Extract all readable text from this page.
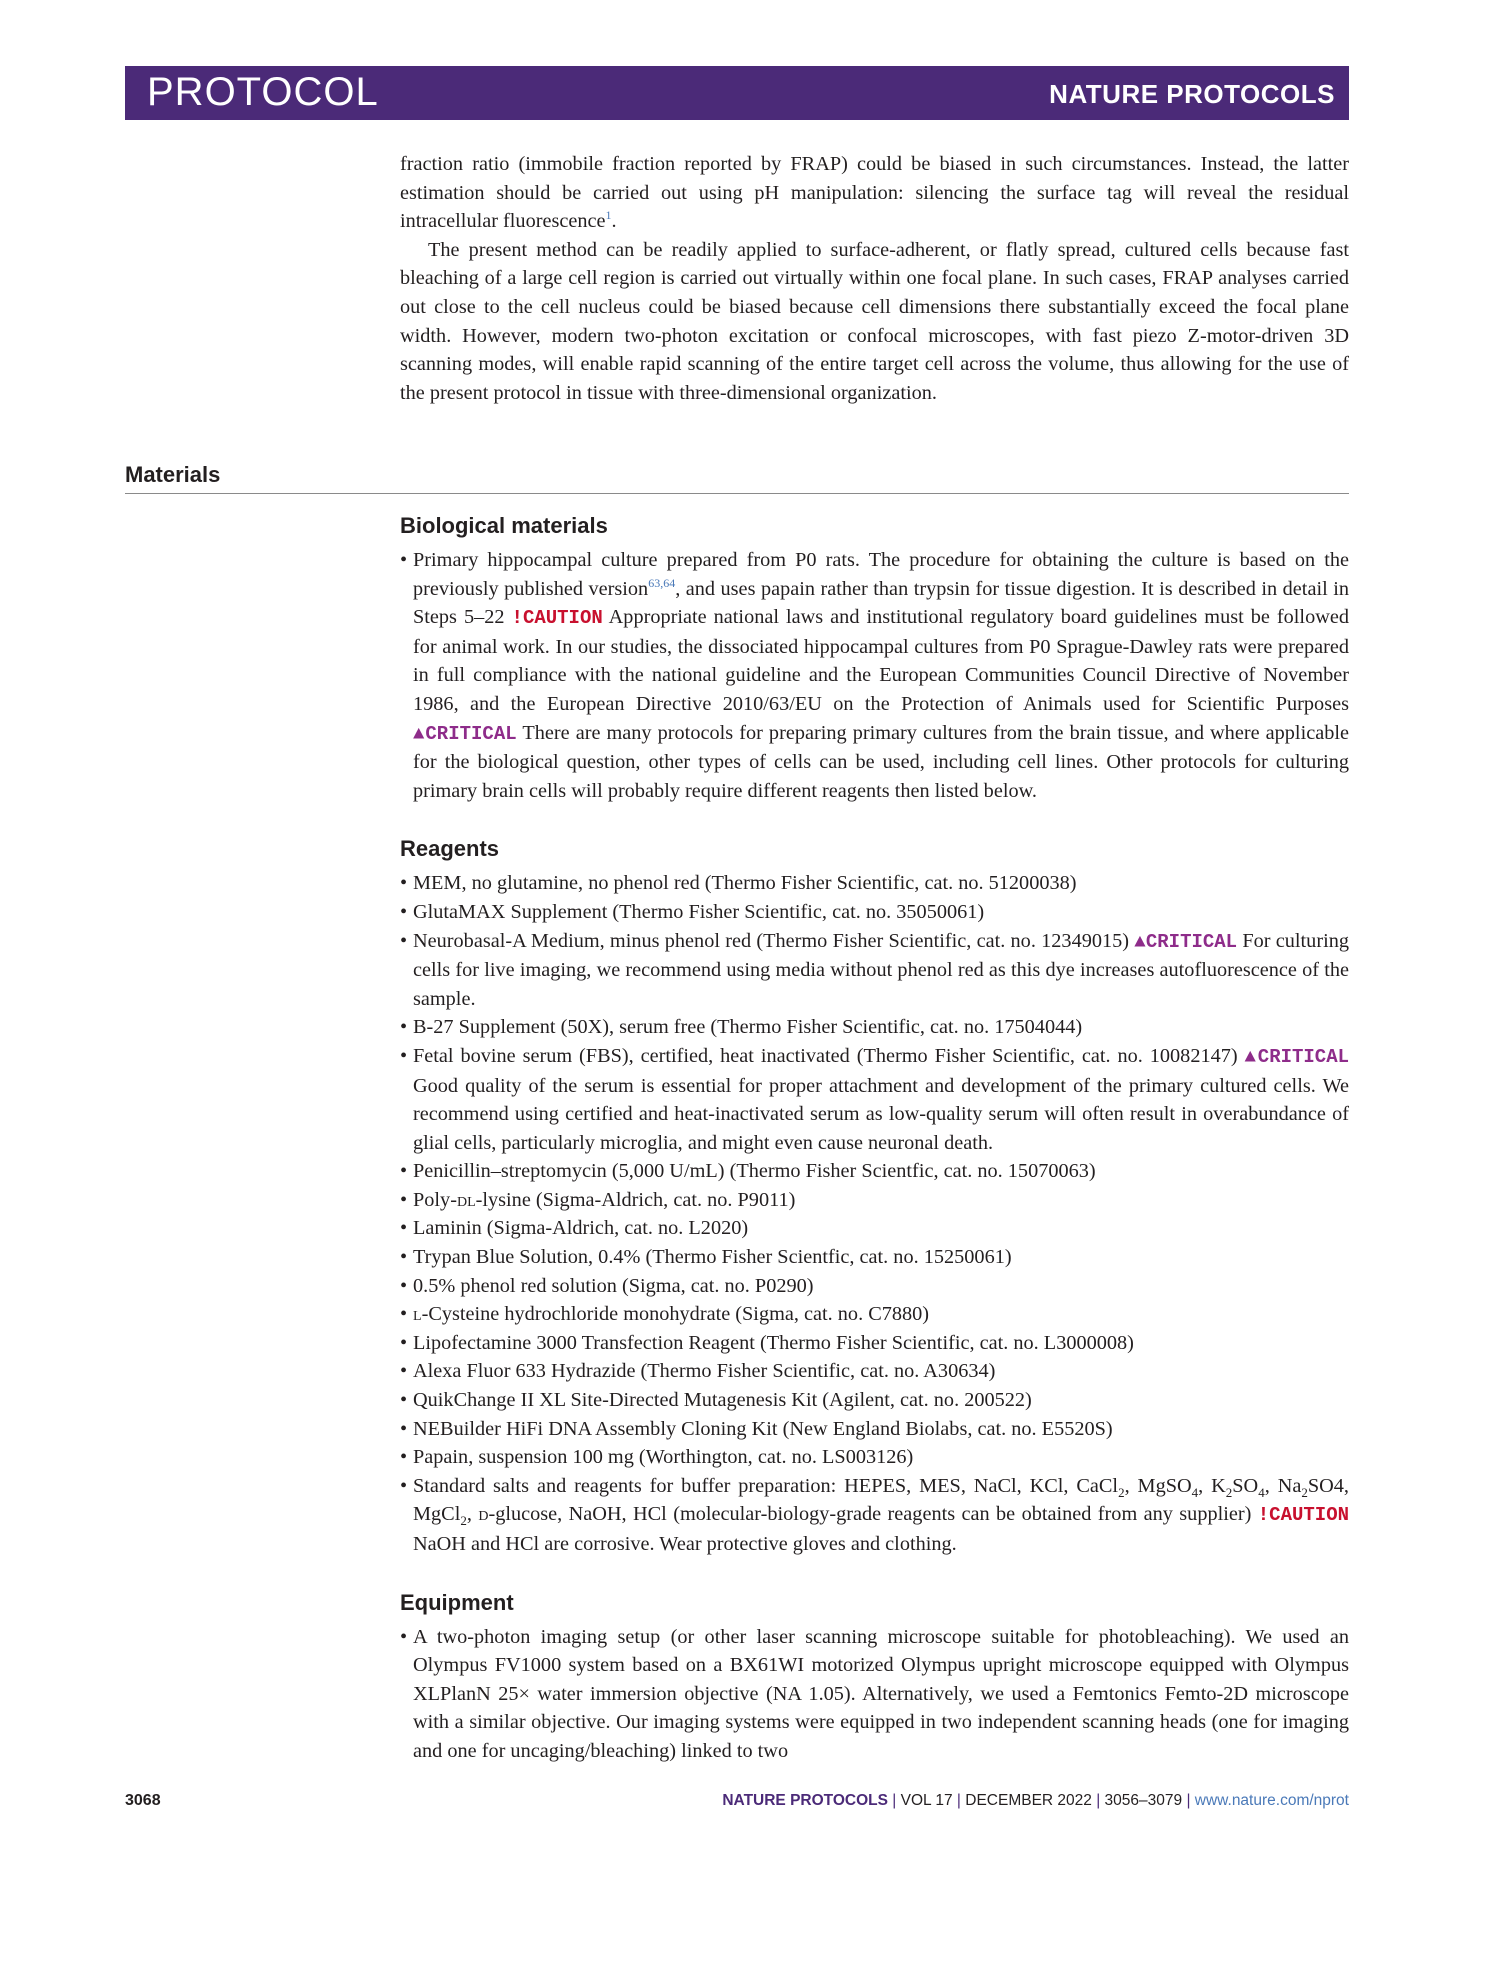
PROTOCOL	NATURE PROTOCOLS

fraction ratio (immobile fraction reported by FRAP) could be biased in such circumstances. Instead, the latter estimation should be carried out using pH manipulation: silencing the surface tag will reveal the residual intracellular fluorescence$^1$.

The present method can be readily applied to surface-adherent, or flatly spread, cultured cells because fast bleaching of a large cell region is carried out virtually within one focal plane. In such cases, FRAP analyses carried out close to the cell nucleus could be biased because cell dimensions there substantially exceed the focal plane width. However, modern two-photon excitation or confocal microscopes, with fast piezo Z-motor-driven 3D scanning modes, will enable rapid scanning of the entire target cell across the volume, thus allowing for the use of the present protocol in tissue with three-dimensional organization.

Materials
Biological materials
• Primary hippocampal culture prepared from P0 rats. The procedure for obtaining the culture is based on the previously published version$^{63,64}$, and uses papain rather than trypsin for tissue digestion. It is described in detail in Steps 5–22 !CAUTION Appropriate national laws and institutional regulatory board guidelines must be followed for animal work. In our studies, the dissociated hippocampal cultures from P0 Sprague-Dawley rats were prepared in full compliance with the national guideline and the European Communities Council Directive of November 1986, and the European Directive 2010/63/EU on the Protection of Animals used for Scientific Purposes ▲CRITICAL There are many protocols for preparing primary cultures from the brain tissue, and where applicable for the biological question, other types of cells can be used, including cell lines. Other protocols for culturing primary brain cells will probably require different reagents then listed below.
Reagents
• MEM, no glutamine, no phenol red (Thermo Fisher Scientific, cat. no. 51200038)
• GlutaMAX Supplement (Thermo Fisher Scientific, cat. no. 35050061)
• Neurobasal-A Medium, minus phenol red (Thermo Fisher Scientific, cat. no. 12349015) ▲CRITICAL For culturing cells for live imaging, we recommend using media without phenol red as this dye increases autofluorescence of the sample.
• B-27 Supplement (50X), serum free (Thermo Fisher Scientific, cat. no. 17504044)
• Fetal bovine serum (FBS), certified, heat inactivated (Thermo Fisher Scientific, cat. no. 10082147) ▲CRITICAL Good quality of the serum is essential for proper attachment and development of the primary cultured cells. We recommend using certified and heat-inactivated serum as low-quality serum will often result in overabundance of glial cells, particularly microglia, and might even cause neuronal death.
• Penicillin–streptomycin (5,000 U/mL) (Thermo Fisher Scientfic, cat. no. 15070063)
• Poly-dl-lysine (Sigma-Aldrich, cat. no. P9011)
• Laminin (Sigma-Aldrich, cat. no. L2020)
• Trypan Blue Solution, 0.4% (Thermo Fisher Scientfic, cat. no. 15250061)
• 0.5% phenol red solution (Sigma, cat. no. P0290)
• l-Cysteine hydrochloride monohydrate (Sigma, cat. no. C7880)
• Lipofectamine 3000 Transfection Reagent (Thermo Fisher Scientific, cat. no. L3000008)
• Alexa Fluor 633 Hydrazide (Thermo Fisher Scientific, cat. no. A30634)
• QuikChange II XL Site-Directed Mutagenesis Kit (Agilent, cat. no. 200522)
• NEBuilder HiFi DNA Assembly Cloning Kit (New England Biolabs, cat. no. E5520S)
• Papain, suspension 100 mg (Worthington, cat. no. LS003126)
• Standard salts and reagents for buffer preparation: HEPES, MES, NaCl, KCl, CaCl$_2$, MgSO$_4$, $K_2SO_4$, $Na_2SO4$, MgCl$_2$, d-glucose, NaOH, HCl (molecular-biology-grade reagents can be obtained from any supplier) !CAUTION NaOH and HCl are corrosive. Wear protective gloves and clothing.
Equipment
• A two-photon imaging setup (or other laser scanning microscope suitable for photobleaching). We used an Olympus FV1000 system based on a BX61WI motorized Olympus upright microscope equipped with Olympus XLPlanN 25× water immersion objective (NA 1.05). Alternatively, we used a Femtonics Femto-2D microscope with a similar objective. Our imaging systems were equipped in two independent scanning heads (one for imaging and one for uncaging/bleaching) linked to two
3068	NATURE PROTOCOLS | VOL 17 | DECEMBER 2022 | 3056–3079 | www.nature.com/nprot
